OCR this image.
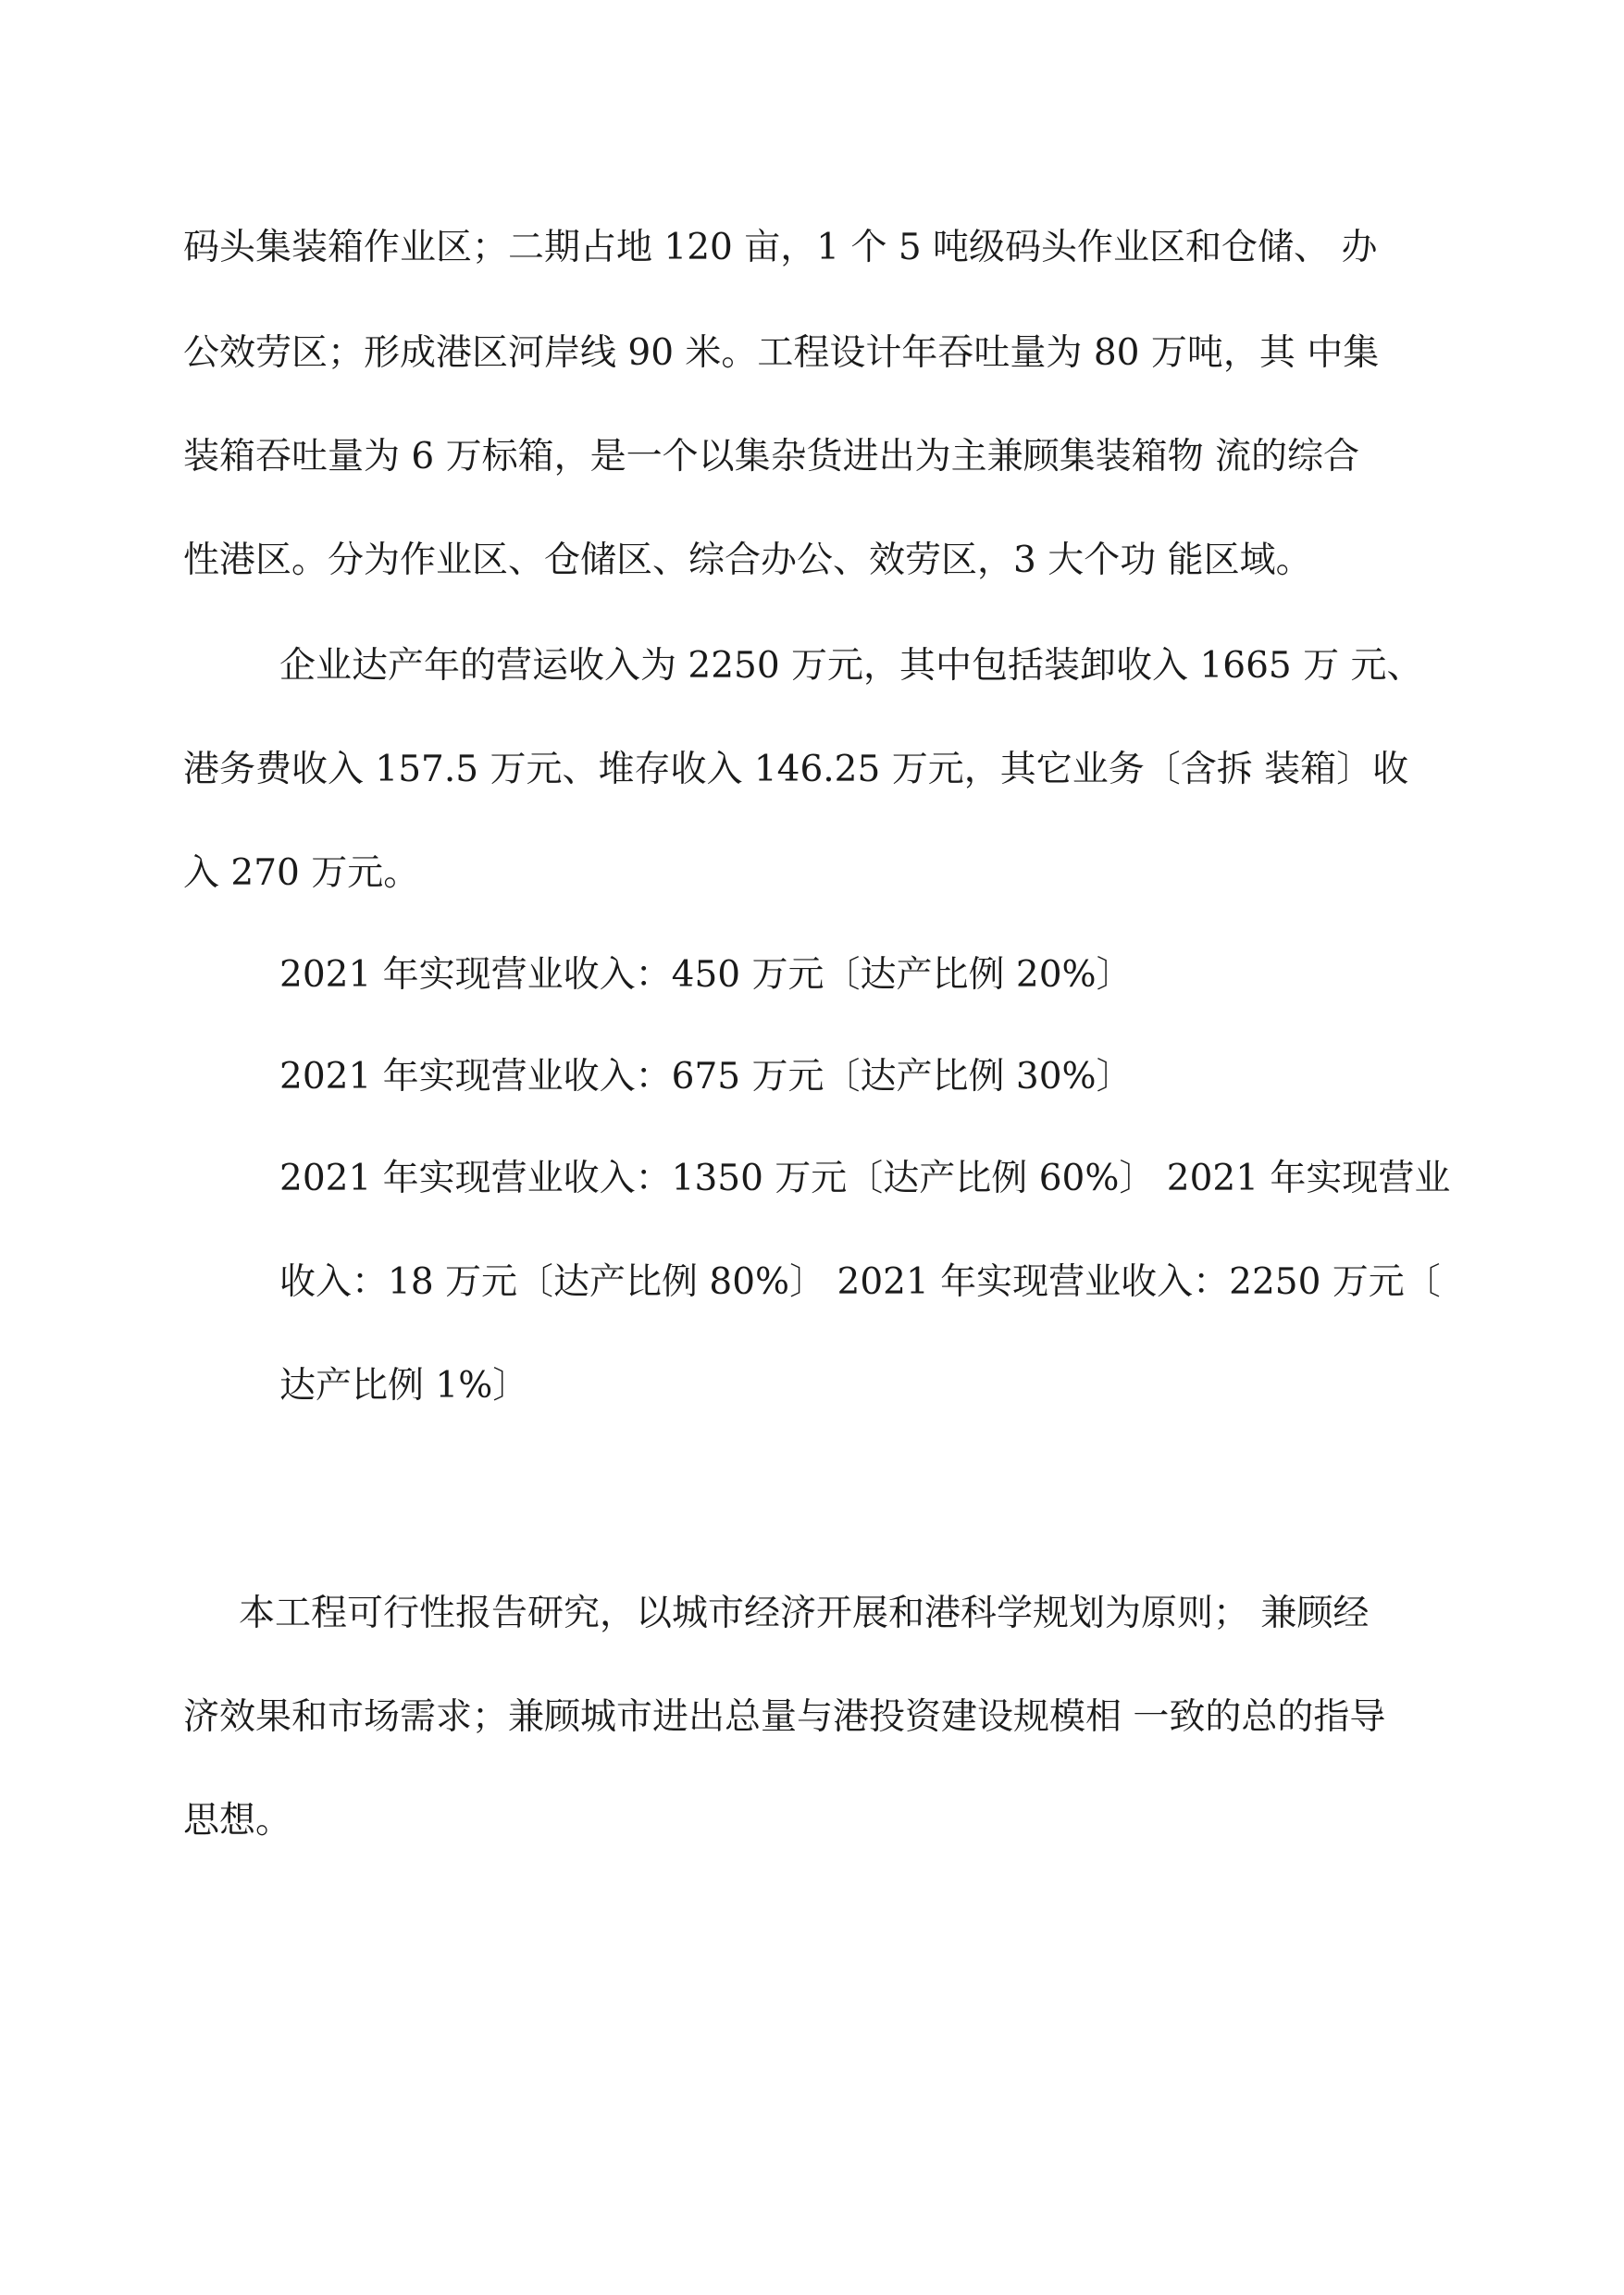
码头集装箱作业区；二期占地 120 亩，1 个 5 吨级码头作业区和仓储、 办
公效劳区；形成港区河岸线 90 米。工程设计年吞吐量为 80 万吨，其 中集
装箱吞吐量为 6 万标箱，是一个以集杂货进出为主兼顾集装箱物 流的综合
性港区。分为作业区、仓储区、综合办公、效劳区，3 大个功 能区域。
企业达产年的营运收入为 2250 万元，其中包括装卸收入 1665 万 元、
港务费收入 157.5 万元、堆存收入 146.25 万元，其它业务〔含拆 装箱〕收
入 270 万元。
2021 年实现营业收入：450 万元〔达产比例 20%〕
2021 年实现营业收入：675 万元〔达产比例 30%〕
2021 年实现营业收入：1350 万元〔达产比例 60%〕 2021 年实现营业
收入：18 万元〔达产比例 80%〕 2021 年实现营业收入：2250 万元〔
达产比例 1%〕
本工程可行性报告研究，以城市经济开展和港科学规划为原则； 兼顾经
济效果和市场需求；兼顾城市进出总量与港投资建设规模相 一致的总的指导
思想。
